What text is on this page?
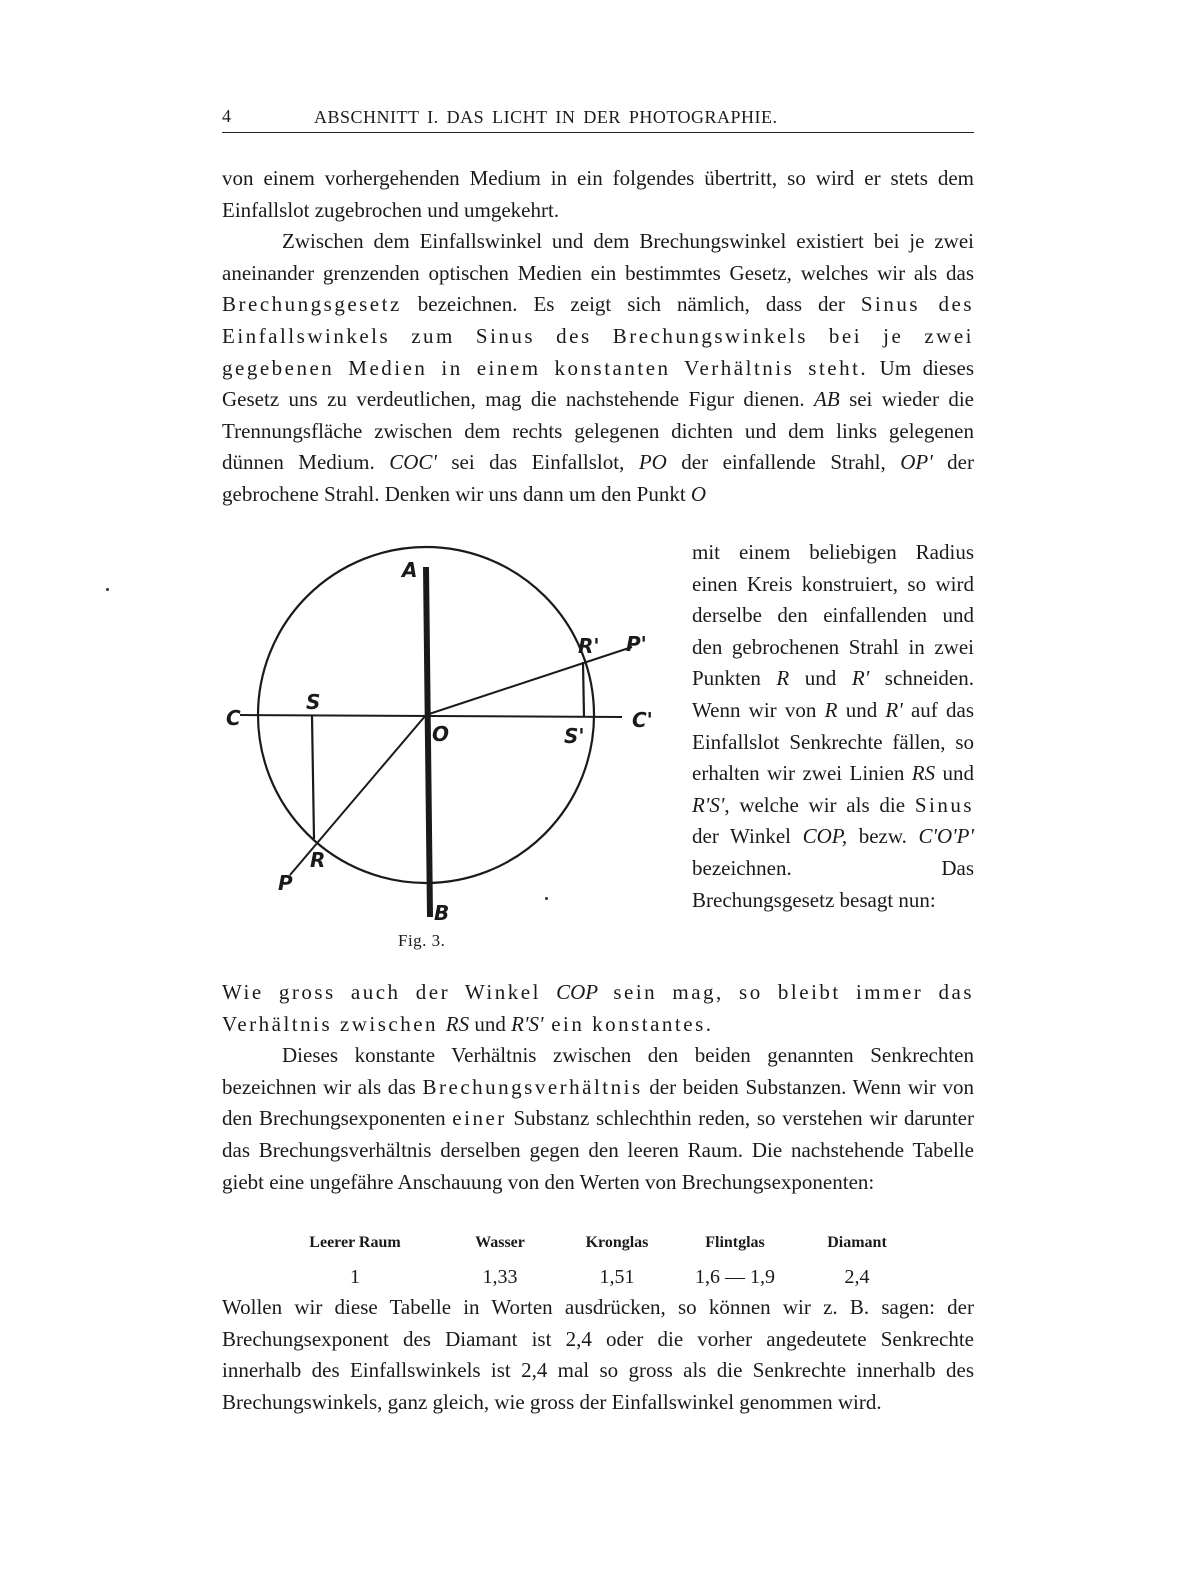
4	ABSCHNITT I. DAS LICHT IN DER PHOTOGRAPHIE.

von einem vorhergehenden Medium in ein folgendes übertritt, so wird er stets dem Einfallslot zugebrochen und umgekehrt.

Zwischen dem Einfallswinkel und dem Brechungswinkel existiert bei je zwei aneinander grenzenden optischen Medien ein bestimmtes Gesetz, welches wir als das Brechungsgesetz bezeichnen. Es zeigt sich nämlich, dass der Sinus des Einfallswinkels zum Sinus des Brechungswinkels bei je zwei gegebenen Medien in einem konstanten Verhältnis steht. Um dieses Gesetz uns zu verdeutlichen, mag die nachstehende Figur dienen. AB sei wieder die Trennungsfläche zwischen dem rechts gelegenen dichten und dem links gelegenen dünnen Medium. COC' sei das Einfallslot, PO der einfallende Strahl, OP' der gebrochene Strahl. Denken wir uns dann um den Punkt O

A
B
C	C'
O
P
P'
R
R'
S
S'
Fig. 3.

mit einem beliebigen Radius einen Kreis konstruiert, so wird derselbe den einfallenden und den gebrochenen Strahl in zwei Punkten R und R' schneiden. Wenn wir von R und R' auf das Einfallslot Senkrechte fällen, so erhalten wir zwei Linien RS und R'S', welche wir als die Sinus der Winkel COP, bezw. C'O'P' bezeichnen. Das Brechungsgesetz besagt nun:

Wie gross auch der Winkel COP sein mag, so bleibt immer das Verhältnis zwischen RS und R'S' ein konstantes.

Dieses konstante Verhältnis zwischen den beiden genannten Senkrechten bezeichnen wir als das Brechungsverhältnis der beiden Substanzen. Wenn wir von den Brechungsexponenten einer Substanz schlechthin reden, so verstehen wir darunter das Brechungsverhältnis derselben gegen den leeren Raum. Die nachstehende Tabelle giebt eine ungefähre Anschauung von den Werten von Brechungsexponenten:

Leerer Raum	Wasser	Kronglas	Flintglas	Diamant
1	1,33	1,51	1,6 — 1,9	2,4

Wollen wir diese Tabelle in Worten ausdrücken, so können wir z. B. sagen: der Brechungsexponent des Diamant ist 2,4 oder die vorher angedeutete Senkrechte innerhalb des Einfallswinkels ist 2,4 mal so gross als die Senkrechte innerhalb des Brechungswinkels, ganz gleich, wie gross der Einfallswinkel genommen wird.
